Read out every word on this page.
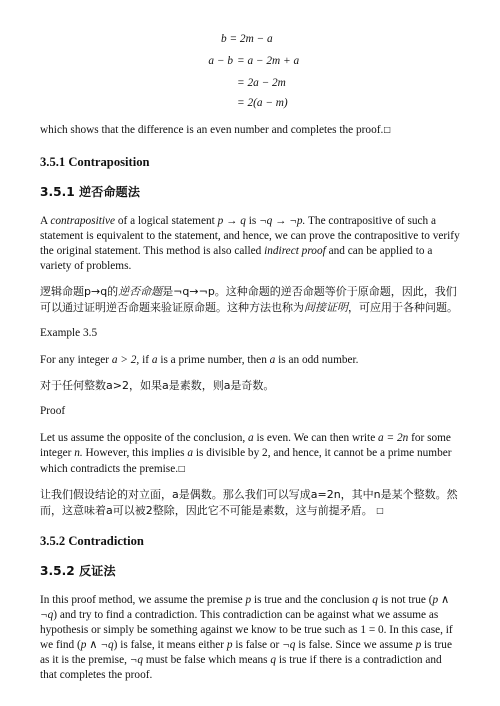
b = 2m − a
a − b = a − 2m + a
= 2a − 2m
= 2(a − m)

which shows that the difference is an even number and completes the proof.□

3.5.1 Contraposition
3.5.1 逆否命题法

A contrapositive of a logical statement p → q is ¬q → ¬p. The contrapositive of such a statement is equivalent to the statement, and hence, we can prove the contrapositive to verify the original statement. This method is also called indirect proof and can be applied to a variety of problems.

逻辑命题p→q的逆否命题是¬q→¬p。这种命题的逆否命题等价于原命题，因此，我们可以通过证明逆否命题来验证原命题。这种方法也称为间接证明，可应用于各种问题。

Example 3.5

For any integer a > 2, if a is a prime number, then a is an odd number.

对于任何整数a>2，如果a是素数，则a是奇数。

Proof

Let us assume the opposite of the conclusion, a is even. We can then write a = 2n for some integer n. However, this implies a is divisible by 2, and hence, it cannot be a prime number which contradicts the premise.□

让我们假设结论的对立面，a是偶数。那么我们可以写成a=2n，其中n是某个整数。然而，这意味着a可以被2整除，因此它不可能是素数，这与前提矛盾。 □

3.5.2 Contradiction
3.5.2 反证法

In this proof method, we assume the premise p is true and the conclusion q is not true (p ∧ ¬q) and try to find a contradiction. This contradiction can be against what we assume as hypothesis or simply be something against we know to be true such as 1 = 0. In this case, if we find (p ∧ ¬q) is false, it means either p is false or ¬q is false. Since we assume p is true as it is the premise, ¬q must be false which means q is true if there is a contradiction and that completes the proof.
